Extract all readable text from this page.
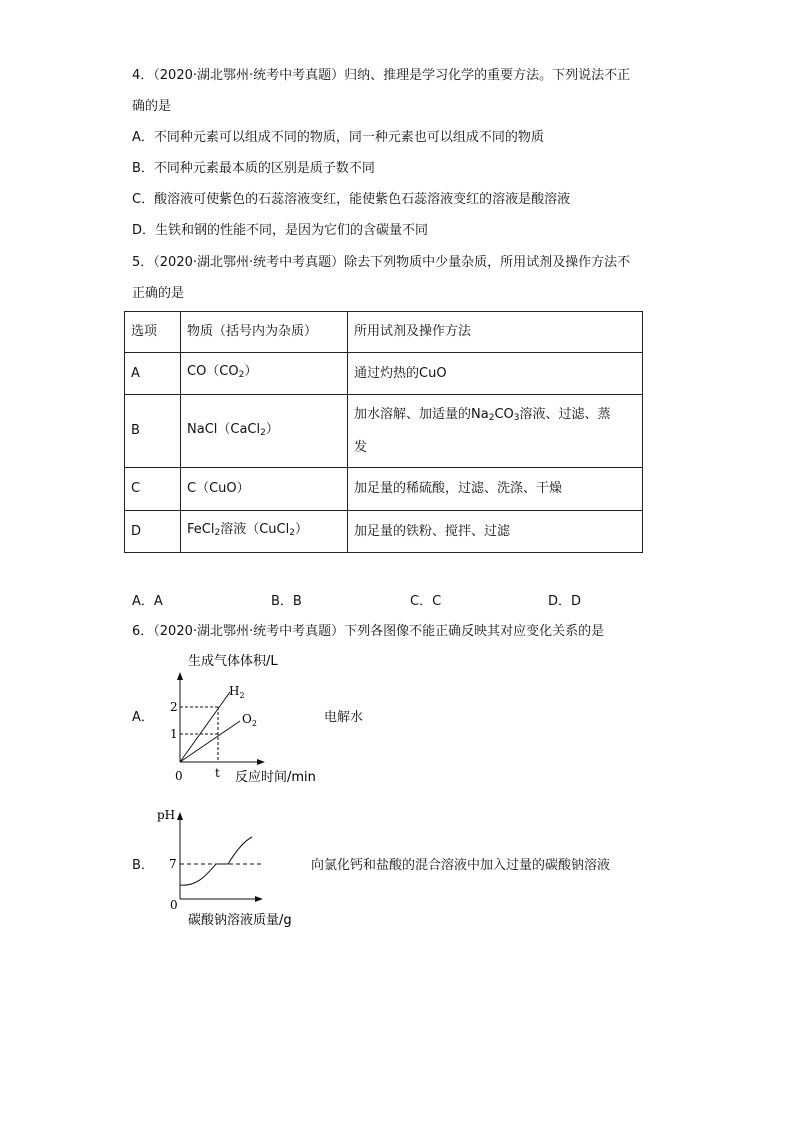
4．（2020·湖北鄂州·统考中考真题）归纳、推理是学习化学的重要方法。下列说法不正
确的是
A．不同种元素可以组成不同的物质，同一种元素也可以组成不同的物质
B．不同种元素最本质的区别是质子数不同
C．酸溶液可使紫色的石蕊溶液变红，能使紫色石蕊溶液变红的溶液是酸溶液
D．生铁和钢的性能不同，是因为它们的含碳量不同
5．（2020·湖北鄂州·统考中考真题）除去下列物质中少量杂质，所用试剂及操作方法不
正确的是
选项	物质（括号内为杂质）	所用试剂及操作方法
A	$CO(CO_2)$	通过灼热的CuO
B	NaCl（CaCl$_2$）	加水溶解、加适量的$Na_2CO_3$溶液、过滤、蒸
发
C	C（CuO）	加足量的稀硫酸，过滤、洗涤、干燥
D	FeCl$_2$溶液（CuCl$_2$）	加足量的铁粉、搅拌、过滤
A．A	B．B	C．C	D．D
6．（2020·湖北鄂州·统考中考真题）下列各图像不能正确反映其对应变化关系的是
A．	电解水
生成气体体积/L
2
1
0	t
$H_2$
$O_2$
反应时间/min
B．	向氯化钙和盐酸的混合溶液中加入过量的碳酸钠溶液
pH
7
0
碳酸钠溶液质量/g
